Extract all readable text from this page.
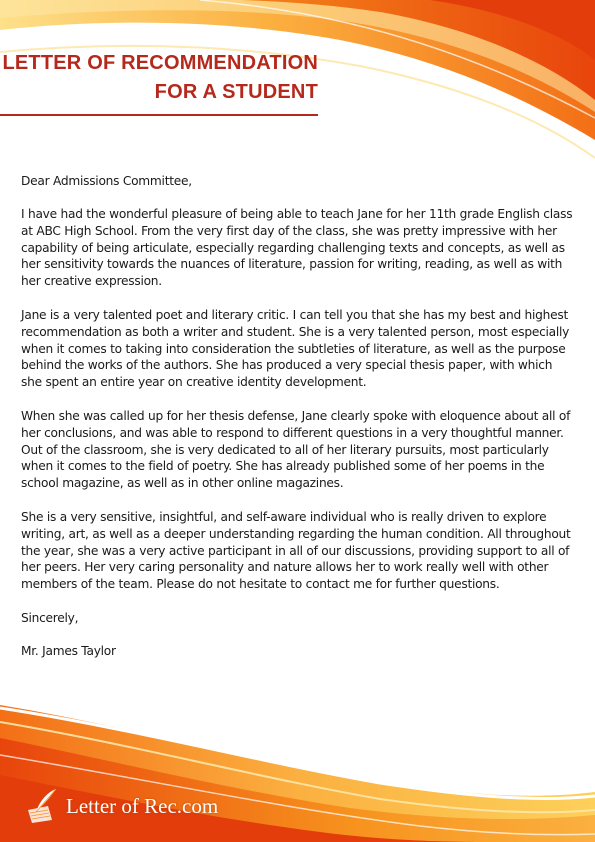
LETTER OF RECOMMENDATION
FOR A STUDENT
Dear Admissions Committee,

I have had the wonderful pleasure of being able to teach Jane for her 11th grade English class at ABC High School. From the very first day of the class, she was pretty impressive with her capability of being articulate, especially regarding challenging texts and concepts, as well as her sensitivity towards the nuances of literature, passion for writing, reading, as well as with her creative expression.

Jane is a very talented poet and literary critic. I can tell you that she has my best and highest recommendation as both a writer and student. She is a very talented person, most especially when it comes to taking into consideration the subtleties of literature, as well as the purpose behind the works of the authors. She has produced a very special thesis paper, with which she spent an entire year on creative identity development.

When she was called up for her thesis defense, Jane clearly spoke with eloquence about all of her conclusions, and was able to respond to different questions in a very thoughtful manner. Out of the classroom, she is very dedicated to all of her literary pursuits, most particularly when it comes to the field of poetry. She has already published some of her poems in the school magazine, as well as in other online magazines.

She is a very sensitive, insightful, and self-aware individual who is really driven to explore writing, art, as well as a deeper understanding regarding the human condition. All throughout the year, she was a very active participant in all of our discussions, providing support to all of her peers. Her very caring personality and nature allows her to work really well with other members of the team. Please do not hesitate to contact me for further questions.

Sincerely,
Mr. James Taylor
Letter of Rec.com
